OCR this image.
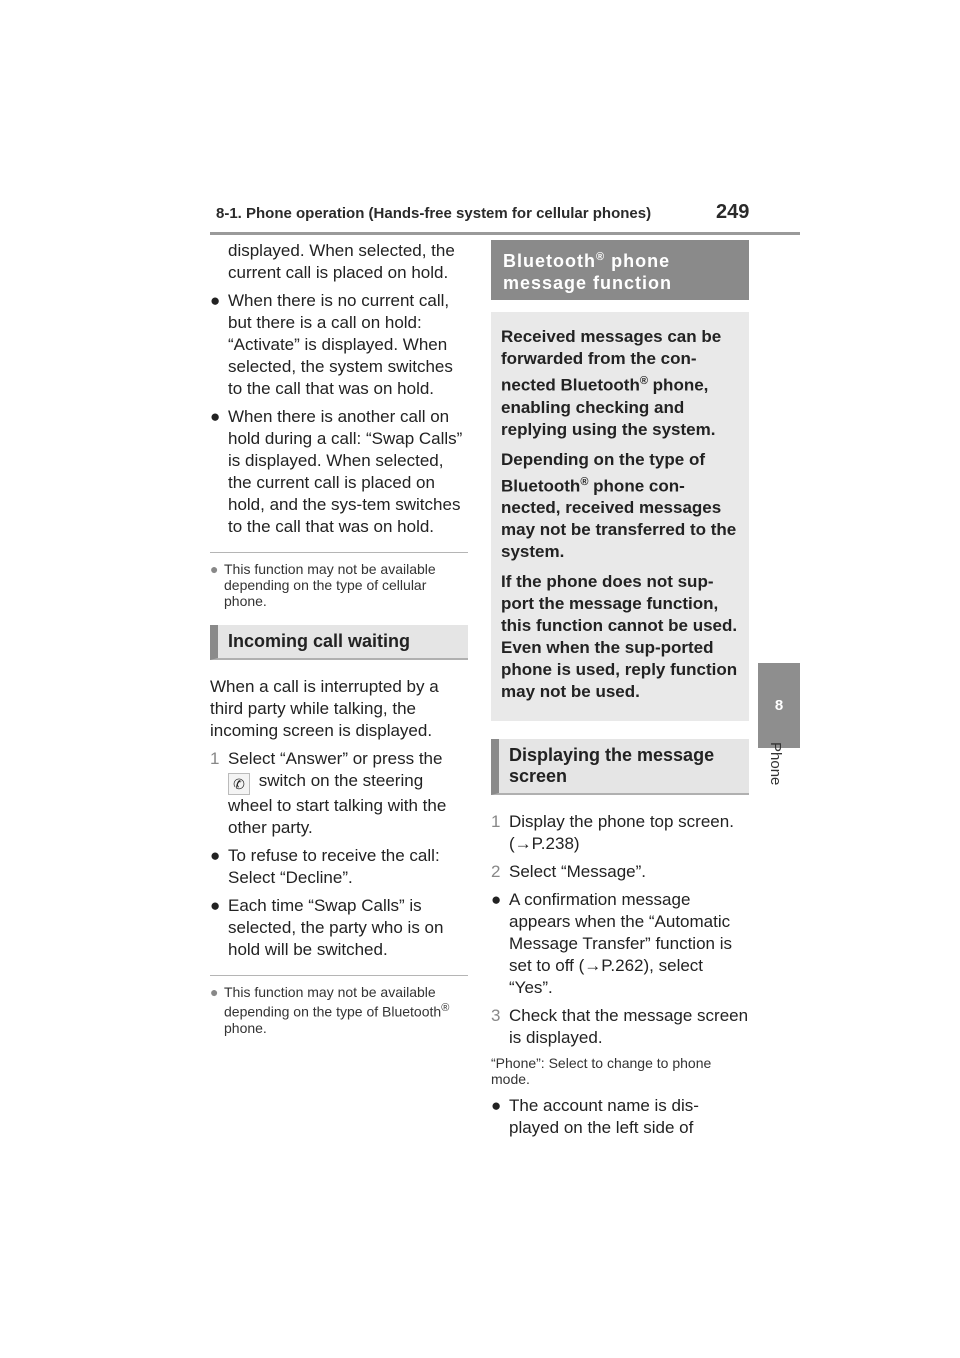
8-1. Phone operation (Hands-free system for cellular phones)	249
8
Phone

displayed. When selected, the current call is placed on hold.

● When there is no current call, but there is a call on hold: “Activate” is displayed. When selected, the system switches to the call that was on hold.
● When there is another call on hold during a call: “Swap Calls” is displayed. When selected, the current call is placed on hold, and the sys-tem switches to the call that was on hold.
● This function may not be available depending on the type of cellular phone.
Incoming call waiting

When a call is interrupted by a third party while talking, the incoming screen is displayed.

1 Select “Answer” or press the
✆ switch on the steering wheel to start talking with the other party.
● To refuse to receive the call: Select “Decline”.
● Each time “Swap Calls” is selected, the party who is on hold will be switched.
● This function may not be available depending on the type of Bluetooth® phone.
Bluetooth® phone message function

Received messages can be forwarded from the con-nected Bluetooth® phone, enabling checking and replying using the system.

Depending on the type of Bluetooth® phone con-nected, received messages may not be transferred to the system.

If the phone does not sup-port the message function, this function cannot be used. Even when the sup-ported phone is used, reply function may not be used.

Displaying the message screen
1 Display the phone top screen. (→P.238)
2 Select “Message”.
● A confirmation message appears when the “Automatic Message Transfer” function is set to off (→P.262), select “Yes”.
3 Check that the message screen is displayed.

“Phone”: Select to change to phone mode.

● The account name is dis-played on the left side of
